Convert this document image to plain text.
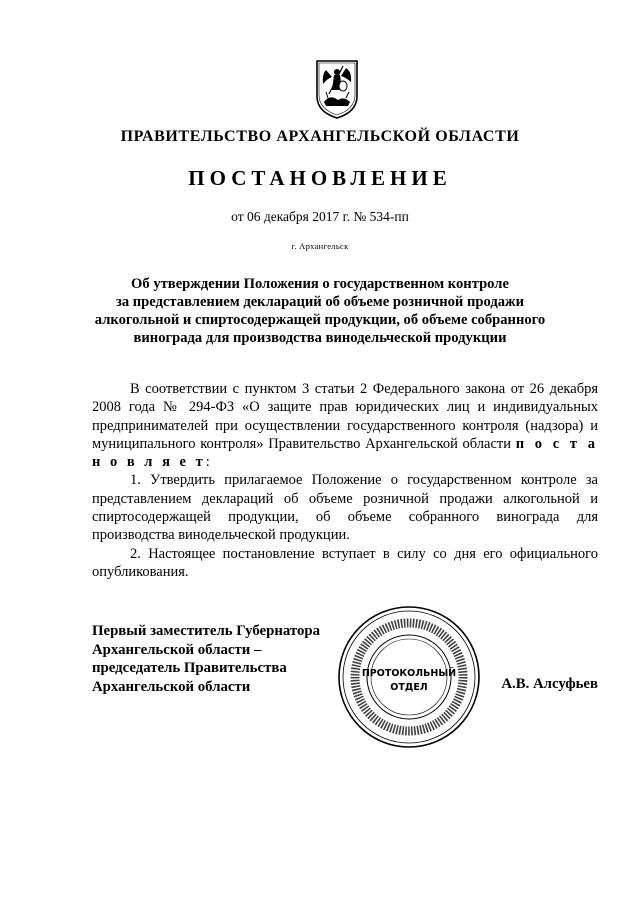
ПРАВИТЕЛЬСТВО АРХАНГЕЛЬСКОЙ ОБЛАСТИ
ПОСТАНОВЛЕНИЕ
от 06 декабря 2017 г. № 534-пп
г. Архангельск
Об утверждении Положения о государственном контроле
за представлением деклараций об объеме розничной продажи
алкогольной и спиртосодержащей продукции, об объеме собранного
винограда для производства винодельческой продукции

В соответствии с пунктом 3 статьи 2 Федерального закона от 26 декабря 2008 года № 294-ФЗ «О защите прав юридических лиц и индивидуальных предпринимателей при осуществлении государственного контроля (надзора) и муниципального контроля» Правительство Архангельской области п о с т а н о в л я е т:

1. Утвердить прилагаемое Положение о государственном контроле за представлением деклараций об объеме розничной продажи алкогольной и спиртосодержащей продукции, об объеме собранного винограда для производства винодельческой продукции.

2. Настоящее постановление вступает в силу со дня его официального опубликования.

Первый заместитель Губернатора
Архангельской области –
председатель Правительства
Архангельской области
ПРОТОКОЛЬНЫЙ
ОТДЕЛ	А.В. Алсуфьев
